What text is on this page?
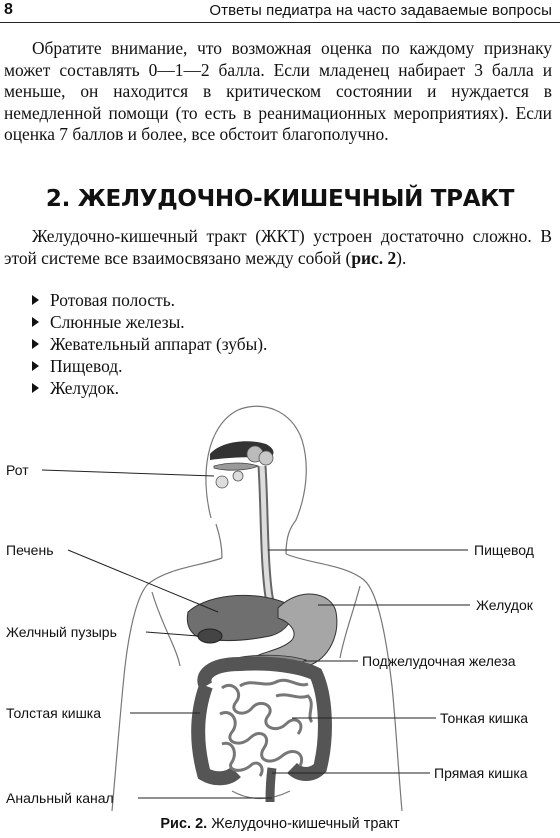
8	Ответы педиатра на часто задаваемые вопросы

Обратите внимание, что возможная оценка по каждому признаку может составлять 0—1—2 балла. Если младенец набирает 3 балла и меньше, он находится в критическом состоянии и нуждается в немедленной помощи (то есть в реанимационных мероприятиях). Если оценка 7 баллов и более, все обстоит благополучно.

2. ЖЕЛУДОЧНО-КИШЕЧНЫЙ ТРАКТ

Желудочно-кишечный тракт (ЖКТ) устроен достаточно сложно. В этой системе все взаимосвязано между собой (рис. 2).

Ротовая полость.
Слюнные железы.
Жевательный аппарат (зубы).
Пищевод.
Желудок.
Рот
Печень
Желчный пузырь
Толстая кишка
Анальный канал
Пищевод
Желудок
Поджелудочная железа
Тонкая кишка
Прямая кишка
Рис. 2. Желудочно-кишечный тракт
